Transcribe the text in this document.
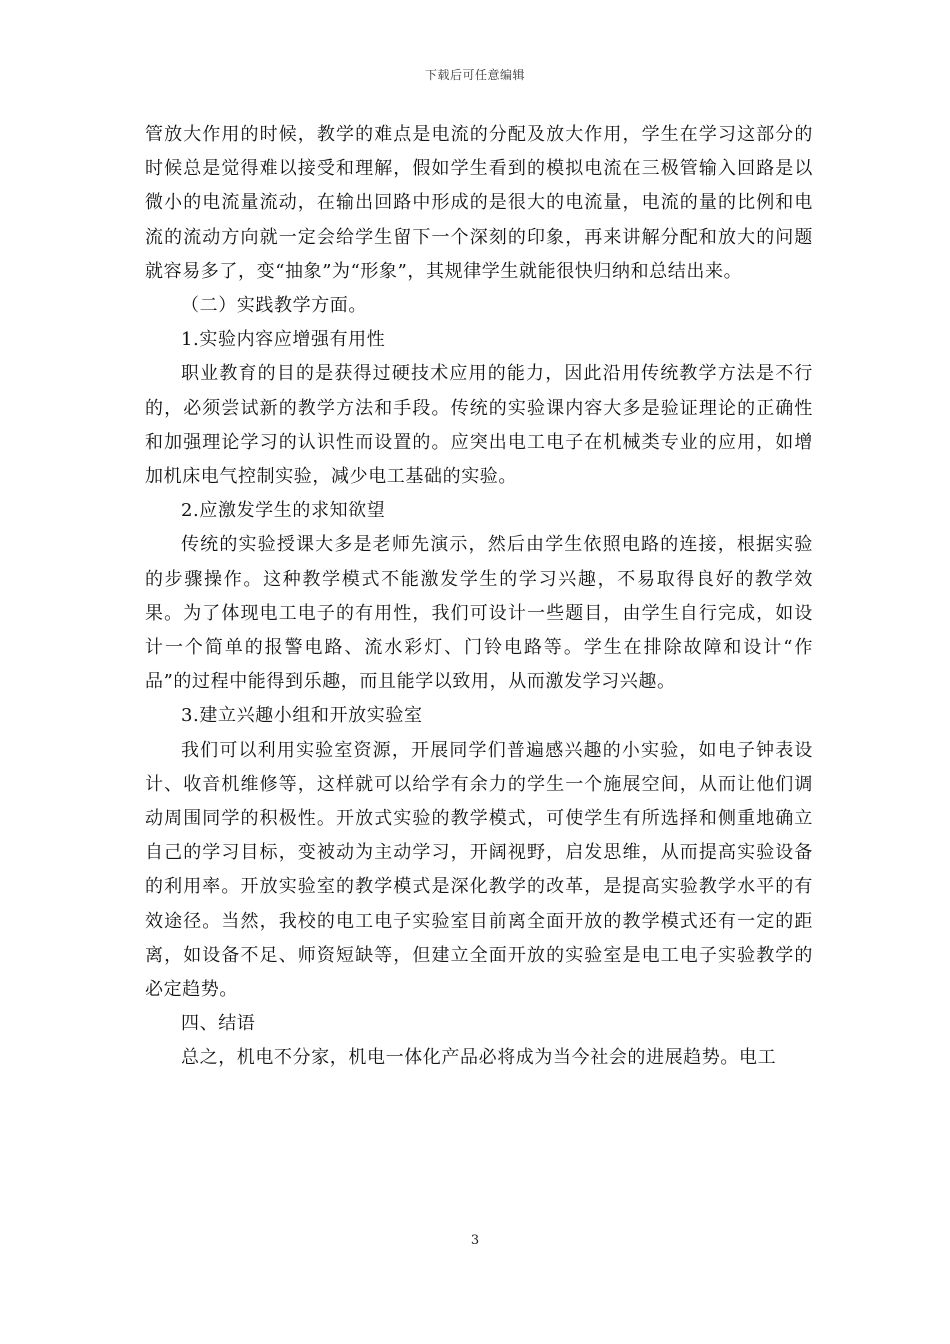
下载后可任意编辑

管放大作用的时候，教学的难点是电流的分配及放大作用，学生在学习这部分的时候总是觉得难以接受和理解，假如学生看到的模拟电流在三极管输入回路是以微小的电流量流动，在输出回路中形成的是很大的电流量，电流的量的比例和电流的流动方向就一定会给学生留下一个深刻的印象，再来讲解分配和放大的问题就容易多了，变“抽象”为“形象”，其规律学生就能很快归纳和总结出来。

（二）实践教学方面。

1.实验内容应增强有用性

职业教育的目的是获得过硬技术应用的能力，因此沿用传统教学方法是不行的，必须尝试新的教学方法和手段。传统的实验课内容大多是验证理论的正确性和加强理论学习的认识性而设置的。应突出电工电子在机械类专业的应用，如增加机床电气控制实验，减少电工基础的实验。

2.应激发学生的求知欲望

传统的实验授课大多是老师先演示，然后由学生依照电路的连接，根据实验的步骤操作。这种教学模式不能激发学生的学习兴趣，不易取得良好的教学效果。为了体现电工电子的有用性，我们可设计一些题目，由学生自行完成，如设计一个简单的报警电路、流水彩灯、门铃电路等。学生在排除故障和设计“作品”的过程中能得到乐趣，而且能学以致用，从而激发学习兴趣。

3.建立兴趣小组和开放实验室

我们可以利用实验室资源，开展同学们普遍感兴趣的小实验，如电子钟表设计、收音机维修等，这样就可以给学有余力的学生一个施展空间，从而让他们调动周围同学的积极性。开放式实验的教学模式，可使学生有所选择和侧重地确立自己的学习目标，变被动为主动学习，开阔视野，启发思维，从而提高实验设备的利用率。开放实验室的教学模式是深化教学的改革，是提高实验教学水平的有效途径。当然，我校的电工电子实验室目前离全面开放的教学模式还有一定的距离，如设备不足、师资短缺等，但建立全面开放的实验室是电工电子实验教学的必定趋势。

四、结语

总之，机电不分家，机电一体化产品必将成为当今社会的进展趋势。电工

3
